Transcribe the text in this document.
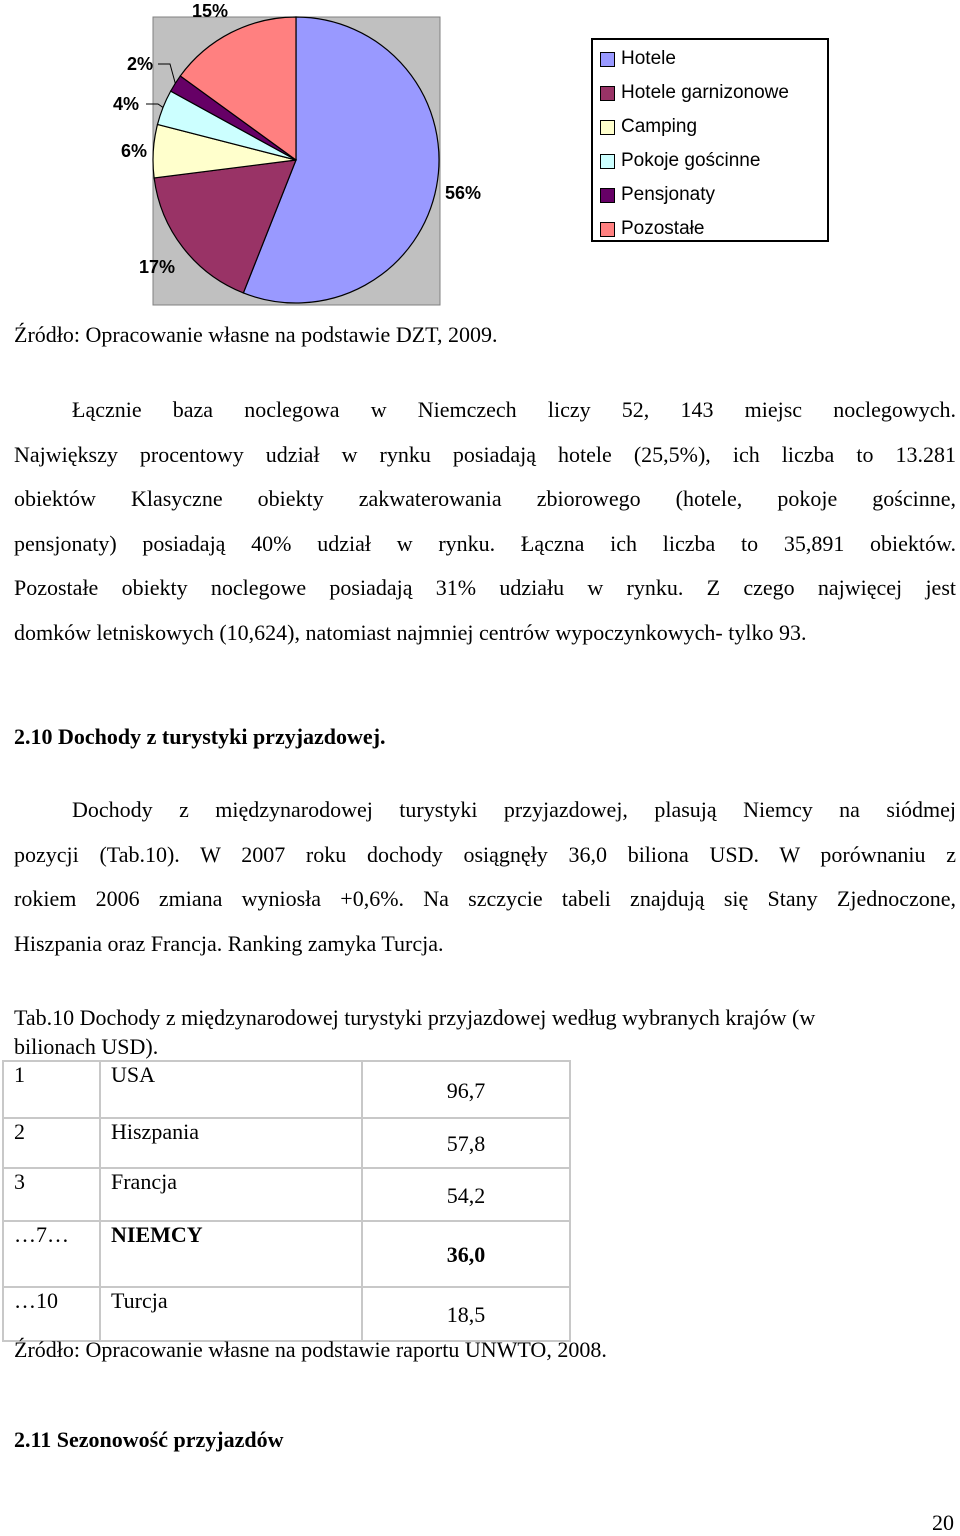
56%
17%
6%
4%
2%
15%
Hotele
Hotele garnizonowe
Camping
Pokoje gościnne
Pensjonaty
Pozostałe
Źródło: Opracowanie własne na podstawie DZT, 2009.
Łącznie baza noclegowa w Niemczech liczy 52, 143 miejsc noclegowych.
Największy procentowy udział w rynku posiadają hotele (25,5%), ich liczba to 13.281
obiektów Klasyczne obiekty zakwaterowania zbiorowego (hotele, pokoje gościnne,
pensjonaty) posiadają 40% udział w rynku. Łączna ich liczba to 35,891 obiektów.
Pozostałe obiekty noclegowe posiadają 31% udziału w rynku. Z czego najwięcej jest
domków letniskowych (10,624), natomiast najmniej centrów wypoczynkowych- tylko 93.
2.10 Dochody z turystyki przyjazdowej.
Dochody z międzynarodowej turystyki przyjazdowej, plasują Niemcy na siódmej
pozycji (Tab.10). W 2007 roku dochody osiągnęły 36,0 biliona USD. W porównaniu z
rokiem 2006 zmiana wyniosła +0,6%. Na szczycie tabeli znajdują się Stany Zjednoczone,
Hiszpania oraz Francja. Ranking zamyka Turcja.
Tab.10 Dochody z międzynarodowej turystyki przyjazdowej według wybranych krajów (w
bilionach USD).
1	USA	96,7

2	Hiszpania	57,8

3	Francja	54,2

…7…	NIEMCY	36,0

…10	Turcja	18,5
Źródło: Opracowanie własne na podstawie raportu UNWTO, 2008.
2.11 Sezonowość przyjazdów
20
